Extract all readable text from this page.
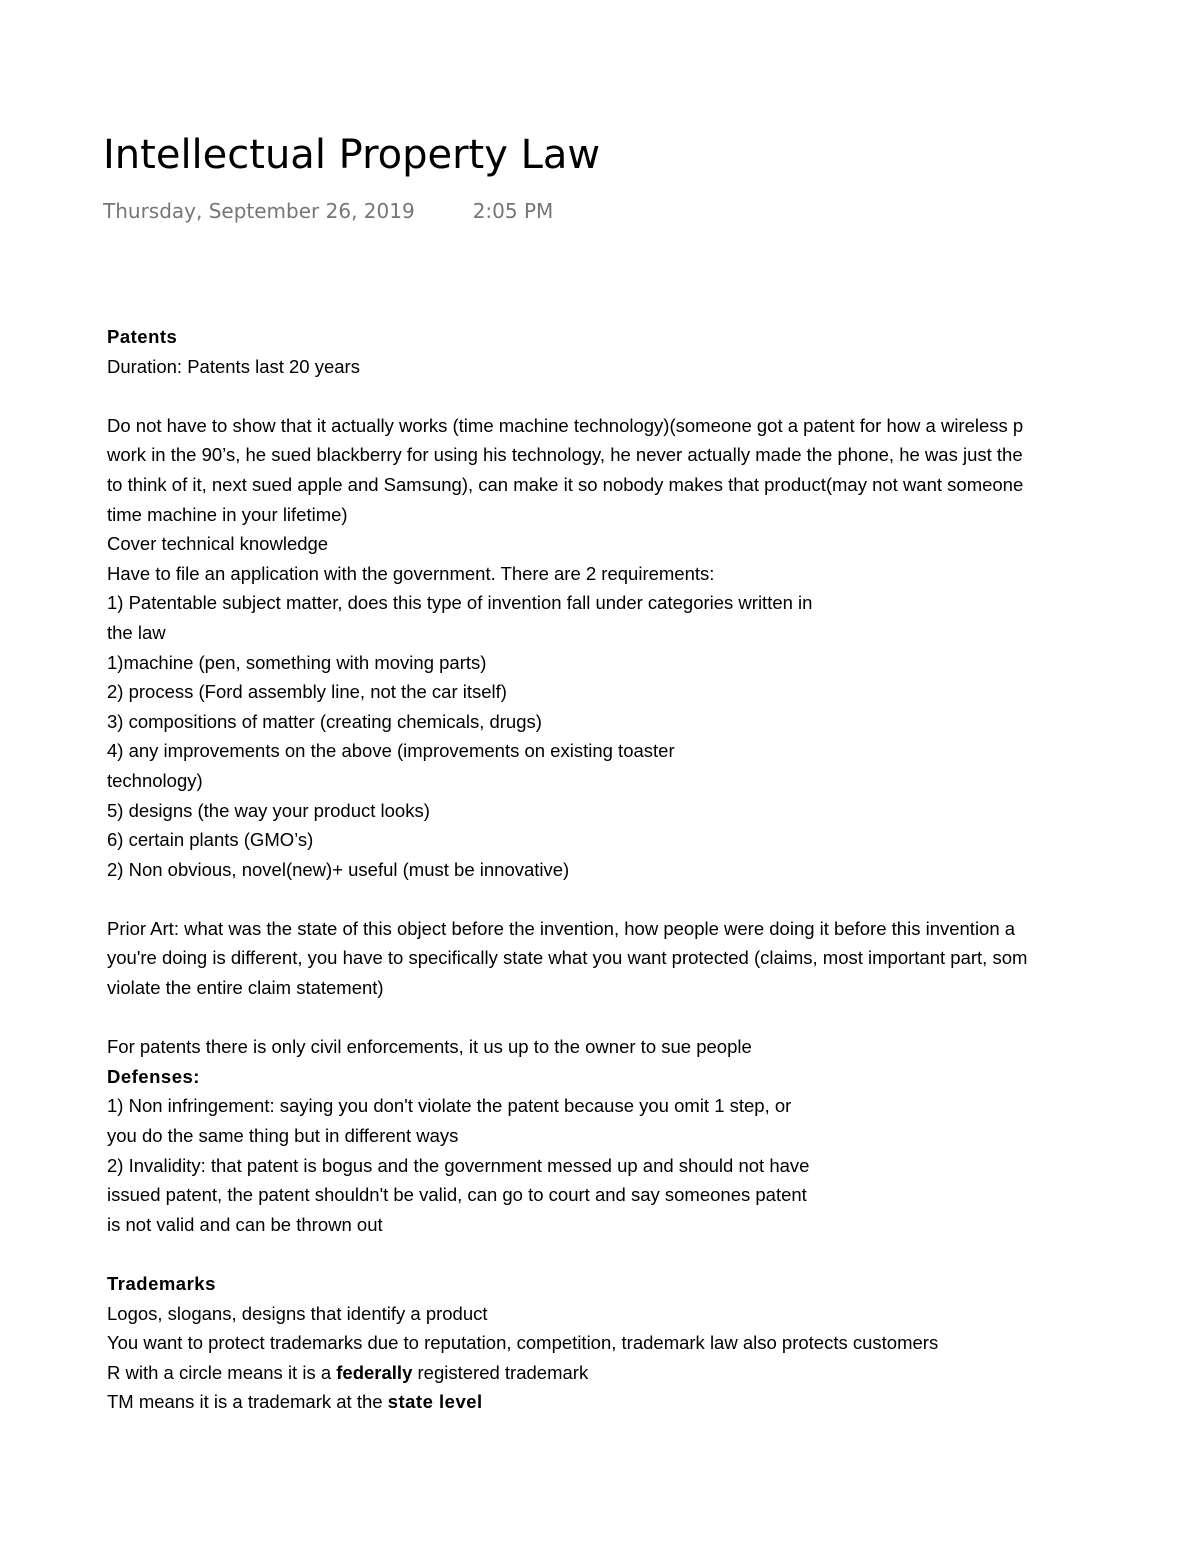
Intellectual Property Law
Thursday, September 26, 2019	2:05 PM
Patents
Duration: Patents last 20 years
Do not have to show that it actually works (time machine technology)(someone got a patent for how a wireless p
work in the 90’s, he sued blackberry for using his technology, he never actually made the phone, he was just the
to think of it, next sued apple and Samsung), can make it so nobody makes that product(may not want someone
time machine in your lifetime)
Cover technical knowledge
Have to file an application with the government. There are 2 requirements:
1) Patentable subject matter, does this type of invention fall under categories written in
the law
1)machine (pen, something with moving parts)
2) process (Ford assembly line, not the car itself)
3) compositions of matter (creating chemicals, drugs)
4) any improvements on the above (improvements on existing toaster
technology)
5) designs (the way your product looks)
6) certain plants (GMO’s)
2) Non obvious, novel(new)+ useful (must be innovative)
Prior Art: what was the state of this object before the invention, how people were doing it before this invention a
you're doing is different, you have to specifically state what you want protected (claims, most important part, som
violate the entire claim statement)
For patents there is only civil enforcements, it us up to the owner to sue people
Defenses:
1) Non infringement: saying you don't violate the patent because you omit 1 step, or
you do the same thing but in different ways
2) Invalidity: that patent is bogus and the government messed up and should not have
issued patent, the patent shouldn't be valid, can go to court and say someones patent
is not valid and can be thrown out
Trademarks
Logos, slogans, designs that identify a product
You want to protect trademarks due to reputation, competition, trademark law also protects customers
R with a circle means it is a federally registered trademark
TM means it is a trademark at the state level
